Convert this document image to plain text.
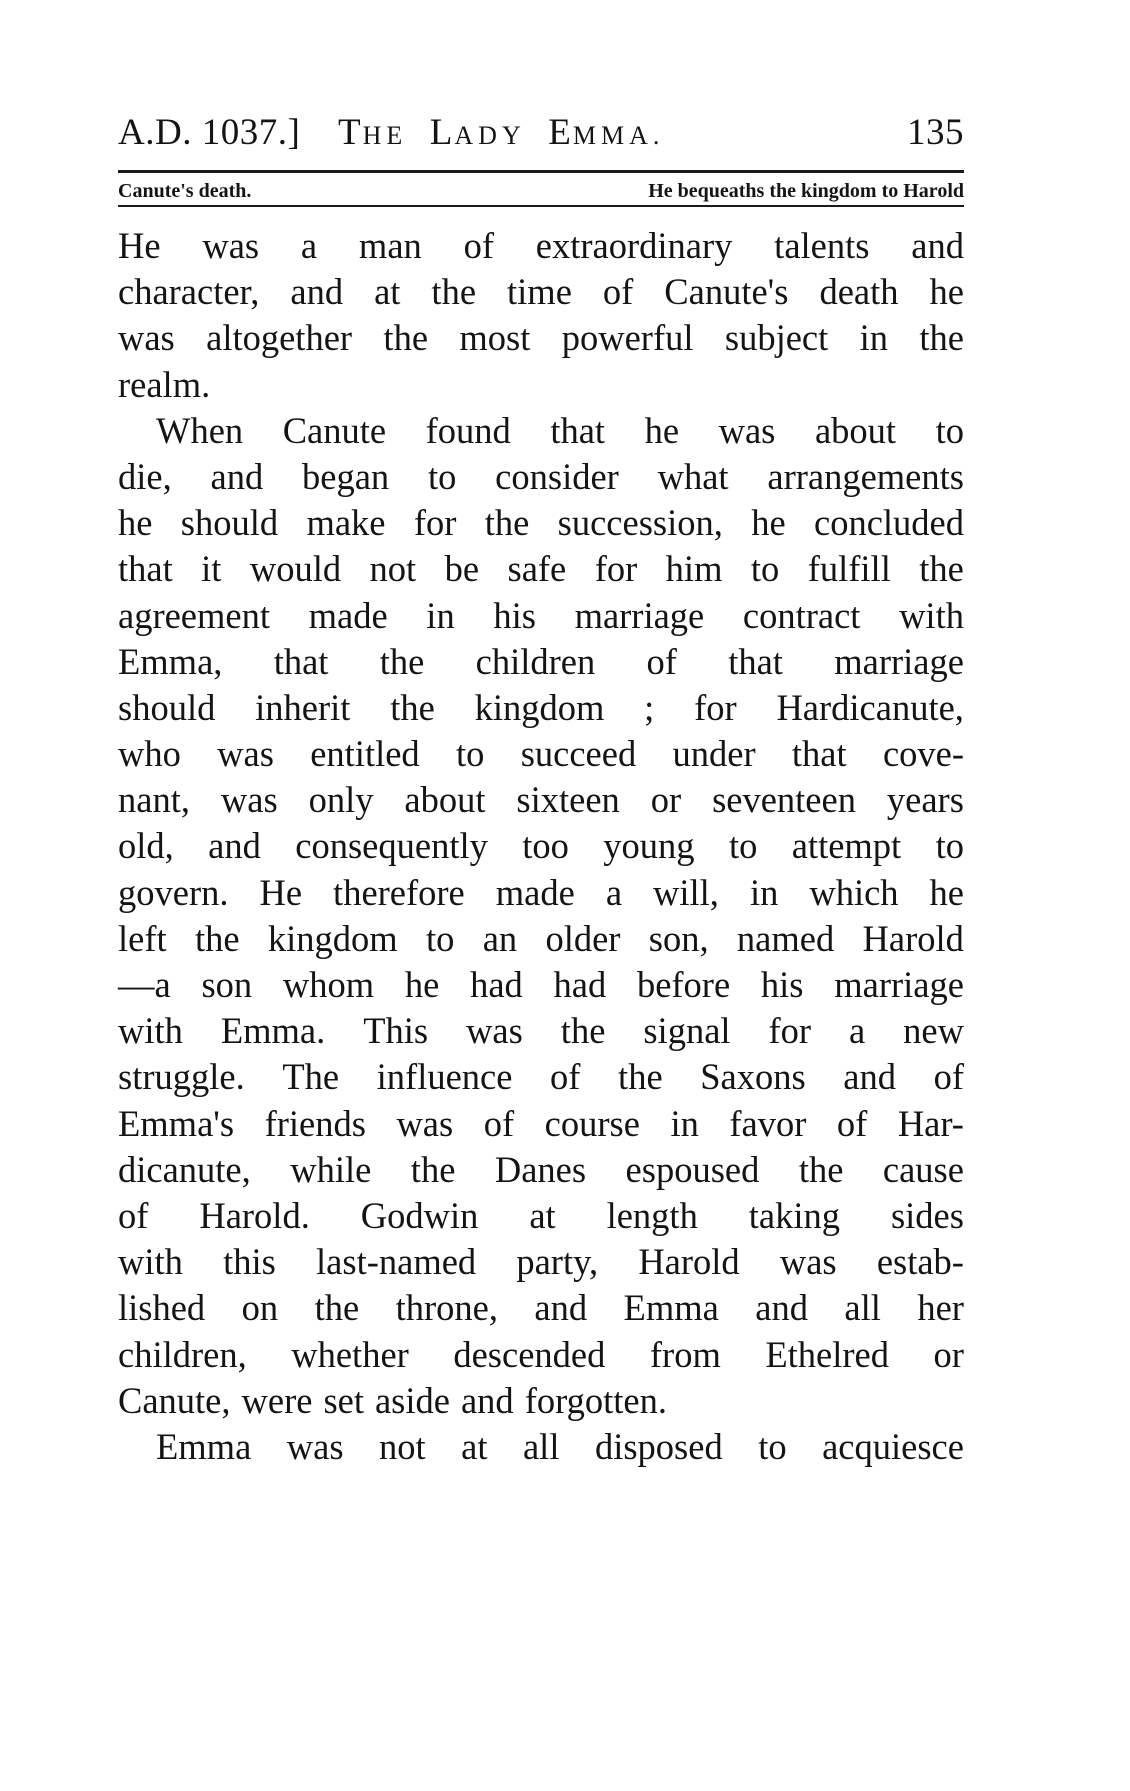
A.D. 1037.] THE LADY EMMA.	135
Canute's death.	He bequeaths the kingdom to Harold
He was a man of extraordinary talents and
character, and at the time of Canute's death he
was altogether the most powerful subject in the
realm.
When Canute found that he was about to
die, and began to consider what arrangements
he should make for the succession, he concluded
that it would not be safe for him to fulfill the
agreement made in his marriage contract with
Emma, that the children of that marriage
should inherit the kingdom ; for Hardicanute,
who was entitled to succeed under that cove-
nant, was only about sixteen or seventeen years
old, and consequently too young to attempt to
govern. He therefore made a will, in which he
left the kingdom to an older son, named Harold
—a son whom he had had before his marriage
with Emma. This was the signal for a new
struggle. The influence of the Saxons and of
Emma's friends was of course in favor of Har-
dicanute, while the Danes espoused the cause
of Harold. Godwin at length taking sides
with this last-named party, Harold was estab-
lished on the throne, and Emma and all her
children, whether descended from Ethelred or
Canute, were set aside and forgotten.
Emma was not at all disposed to acquiesce
